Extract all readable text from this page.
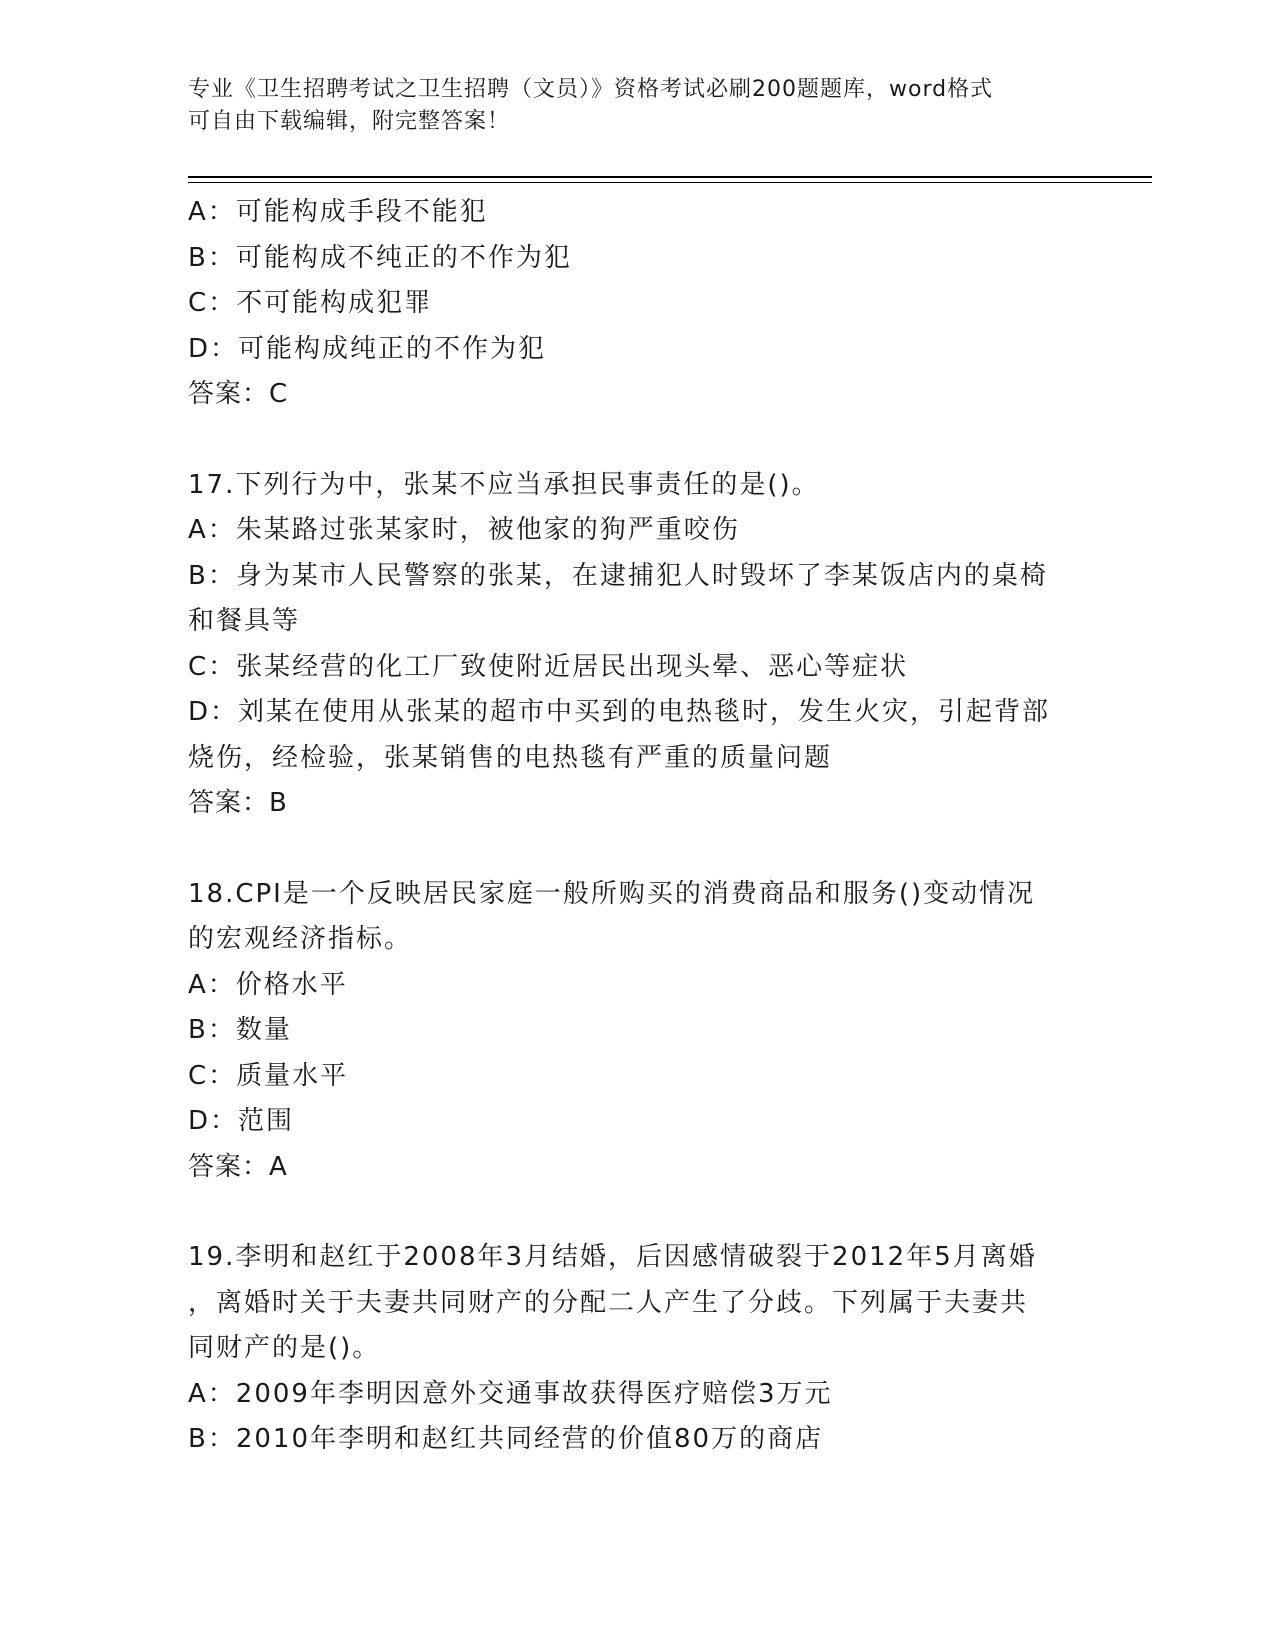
专业《卫生招聘考试之卫生招聘（文员）》资格考试必刷200题题库，word格式
可自由下载编辑，附完整答案！

A：可能构成手段不能犯

B：可能构成不纯正的不作为犯

C：不可能构成犯罪

D：可能构成纯正的不作为犯

答案：C

17.下列行为中，张某不应当承担民事责任的是()。

A：朱某路过张某家时，被他家的狗严重咬伤

B：身为某市人民警察的张某，在逮捕犯人时毁坏了李某饭店内的桌椅

和餐具等

C：张某经营的化工厂致使附近居民出现头晕、恶心等症状

D：刘某在使用从张某的超市中买到的电热毯时，发生火灾，引起背部

烧伤，经检验，张某销售的电热毯有严重的质量问题

答案：B

18.CPI是一个反映居民家庭一般所购买的消费商品和服务()变动情况

的宏观经济指标。

A：价格水平

B：数量

C：质量水平

D：范围

答案：A

19.李明和赵红于2008年3月结婚，后因感情破裂于2012年5月离婚

，离婚时关于夫妻共同财产的分配二人产生了分歧。下列属于夫妻共

同财产的是()。

A：2009年李明因意外交通事故获得医疗赔偿3万元

B：2010年李明和赵红共同经营的价值80万的商店
